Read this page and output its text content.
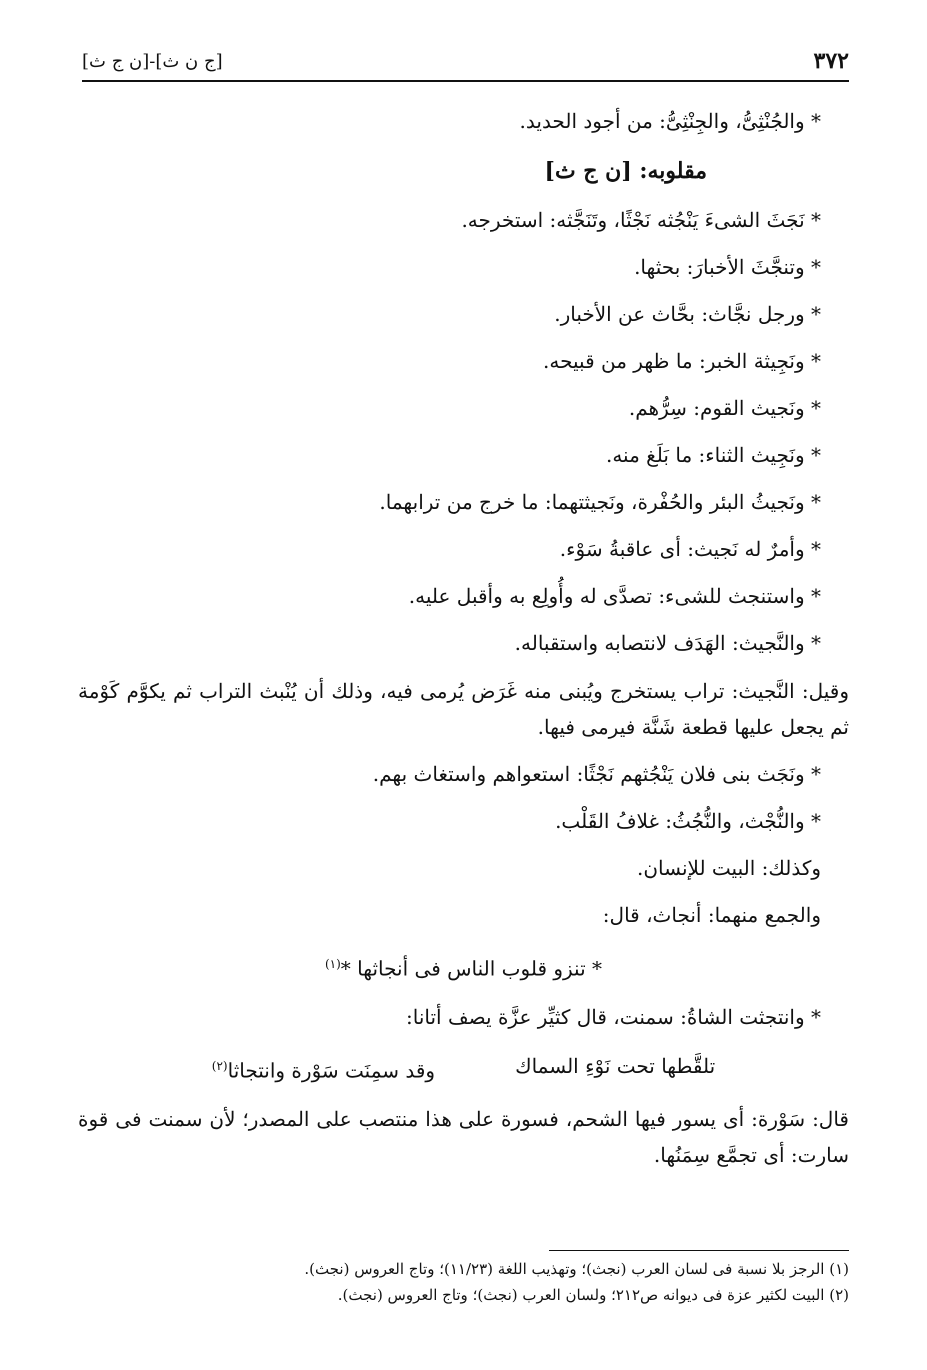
٣٧٢
[ج ن ث]-[ن ج ث]

* والجُنْثِىُّ، والجِنْثِىُّ: من أجود الحديد.

مقلوبه: [ن ج ث]

* نَجَثَ الشىءَ يَنْجُثه نَجْثًا، وتَنَجَّثه: استخرجه.

* وتنجَّثَ الأخبارَ: بحثها.

* ورجل نجَّاث: بحَّاث عن الأخبار.

* ونَجِيثة الخبر: ما ظهر من قبيحه.

* ونَجيث القوم: سِرُّهم.

* ونَجِيث الثناء: ما بَلَغ منه.

* ونَجيثُ البئر والحُفْرة، ونَجيثتهما: ما خرج من ترابهما.

* وأمرٌ له نَجيث: أى عاقبةُ سَوْء.

* واستنجث للشىء: تصدَّى له وأُولِع به وأقبل عليه.

* والنَّجيث: الهَدَف لانتصابه واستقباله.

وقيل: النَّجيث: تراب يستخرج ويُبنى منه غَرَض يُرمى فيه، وذلك أن يُنْبث التراب ثم يكوَّم كَوْمة ثم يجعل عليها قطعة شَنَّة فيرمى فيها.

* ونَجَث بنى فلان يَنْجُثهم نَجْثًا: استعواهم واستغاث بهم.

* والنُّجْث، والنُّجُثُ: غلافُ القَلْب.

وكذلك: البيت للإنسان.

والجمع منهما: أنجاث، قال:

* تنزو قلوب الناس فى أنجاثها *$^{(١)}$

* وانتجثت الشاةُ: سمنت، قال كثيِّر عزَّة يصف أتانا:

تلقَّطها تحت نَوْءِ السماك
وقد سمِنَت سَوْرة وانتجاثا$^{(٢)}$

قال: سَوْرة: أى يسور فيها الشحم، فسورة على هذا منتصب على المصدر؛ لأن سمنت فى قوة سارت: أى تجمَّع سِمَنُها.

(١) الرجز بلا نسبة فى لسان العرب (نجث)؛ وتهذيب اللغة (١١/٢٣)؛ وتاج العروس (نجث).

(٢) البيت لكثير عزة فى ديوانه ص٢١٢؛ ولسان العرب (نجث)؛ وتاج العروس (نجث).
